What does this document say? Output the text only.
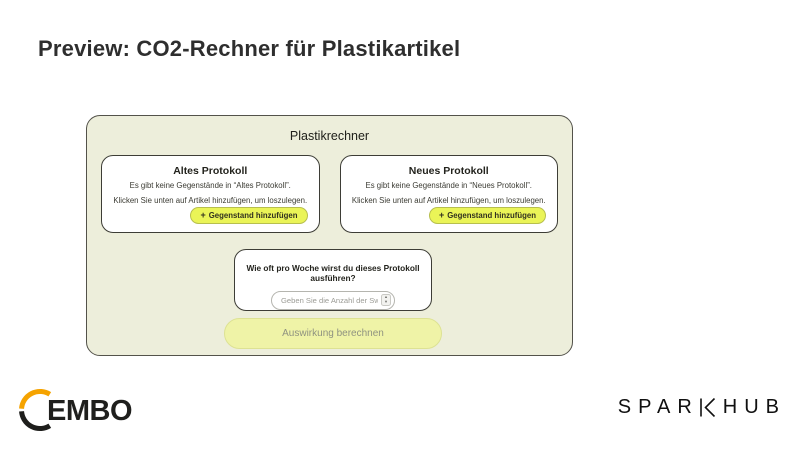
Preview: CO2-Rechner für Plastikartikel
Plastikrechner
Altes Protokoll
Es gibt keine Gegenstände in “Altes Protokoll”.
Klicken Sie unten auf Artikel hinzufügen, um loszulegen.
+ Gegenstand hinzufügen
Neues Protokoll
Es gibt keine Gegenstände in “Neues Protokoll”.
Klicken Sie unten auf Artikel hinzufügen, um loszulegen.
+ Gegenstand hinzufügen
Wie oft pro Woche wirst du dieses Protokoll ausführen?
Geben Sie die Anzahl der Swa
▴
▾
Auswirkung berechnen
EMBO	SPAR HUB
